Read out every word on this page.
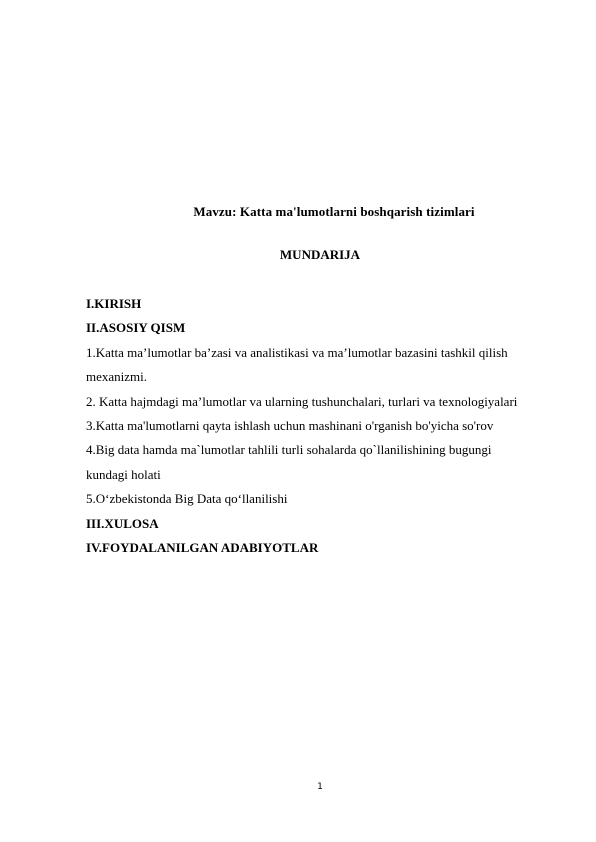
Mavzu: Katta ma'lumotlarni boshqarish tizimlari
MUNDARIJA
I.KIRISH
II.ASOSIY QISM
1.Katta ma’lumotlar ba’zasi va analistikasi va ma’lumotlar bazasini tashkil qilish
mexanizmi.
2. Katta hajmdagi ma’lumotlar va ularning tushunchalari, turlari va texnologiyalari
3.Katta ma'lumotlarni qayta ishlash uchun mashinani o'rganish bo'yicha so'rov
4.Big data hamda ma`lumotlar tahlili turli sohalarda qo`llanilishining bugungi
kundagi holati
5.O‘zbekistonda Big Data qo‘llanilishi
III.XULOSA
IV.FOYDALANILGAN ADABIYOTLAR
1
